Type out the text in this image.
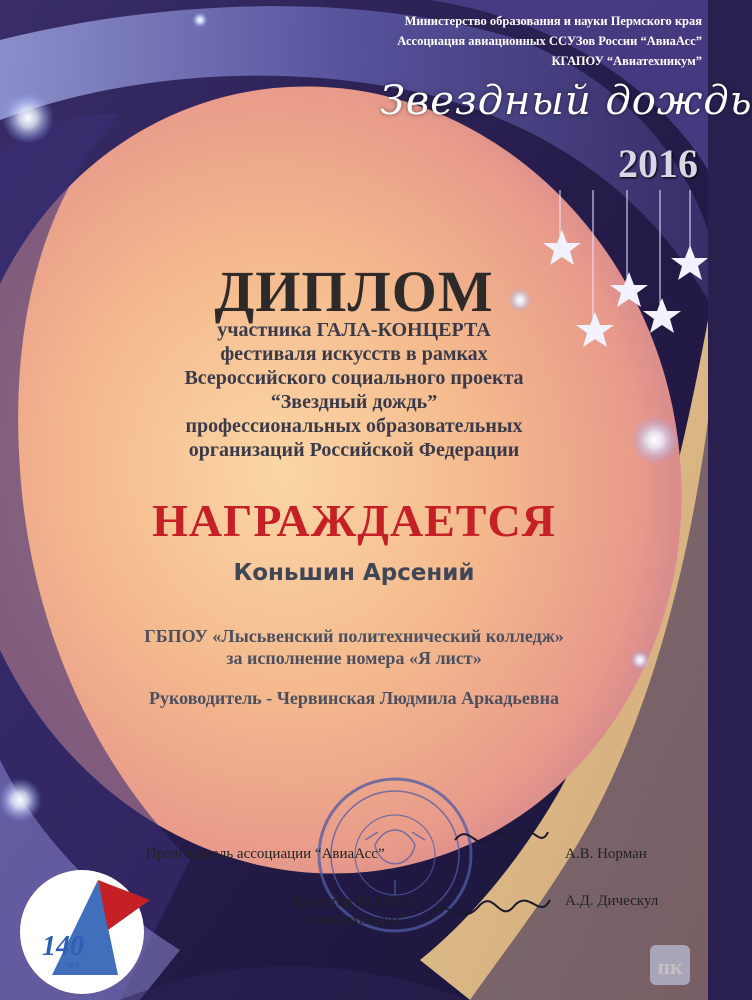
140
ЛЕТ	пк
Министерство образования и науки Пермского края
Ассоциация авиационных ССУЗов России “АвиаАсс”
КГАПОУ “Авиатехникум”
Звездный дождь
2016
ДИПЛОМ
участника ГАЛА-КОНЦЕРТА
фестиваля искусств в рамках
Всероссийского социального проекта
“Звездный дождь”
профессиональных образовательных
организаций Российской Федерации
НАГРАЖДАЕТСЯ
Коньшин Арсений
ГБПОУ «Лысьвенский политехнический колледж»
за исполнение номера «Я лист»
Руководитель - Червинская Людмила Аркадьевна
Председатель ассоциации “АвиаАсс”	А.В. Норман
Директор КГАПОУ
“Авиатехникум”
А.Д. Дическул
